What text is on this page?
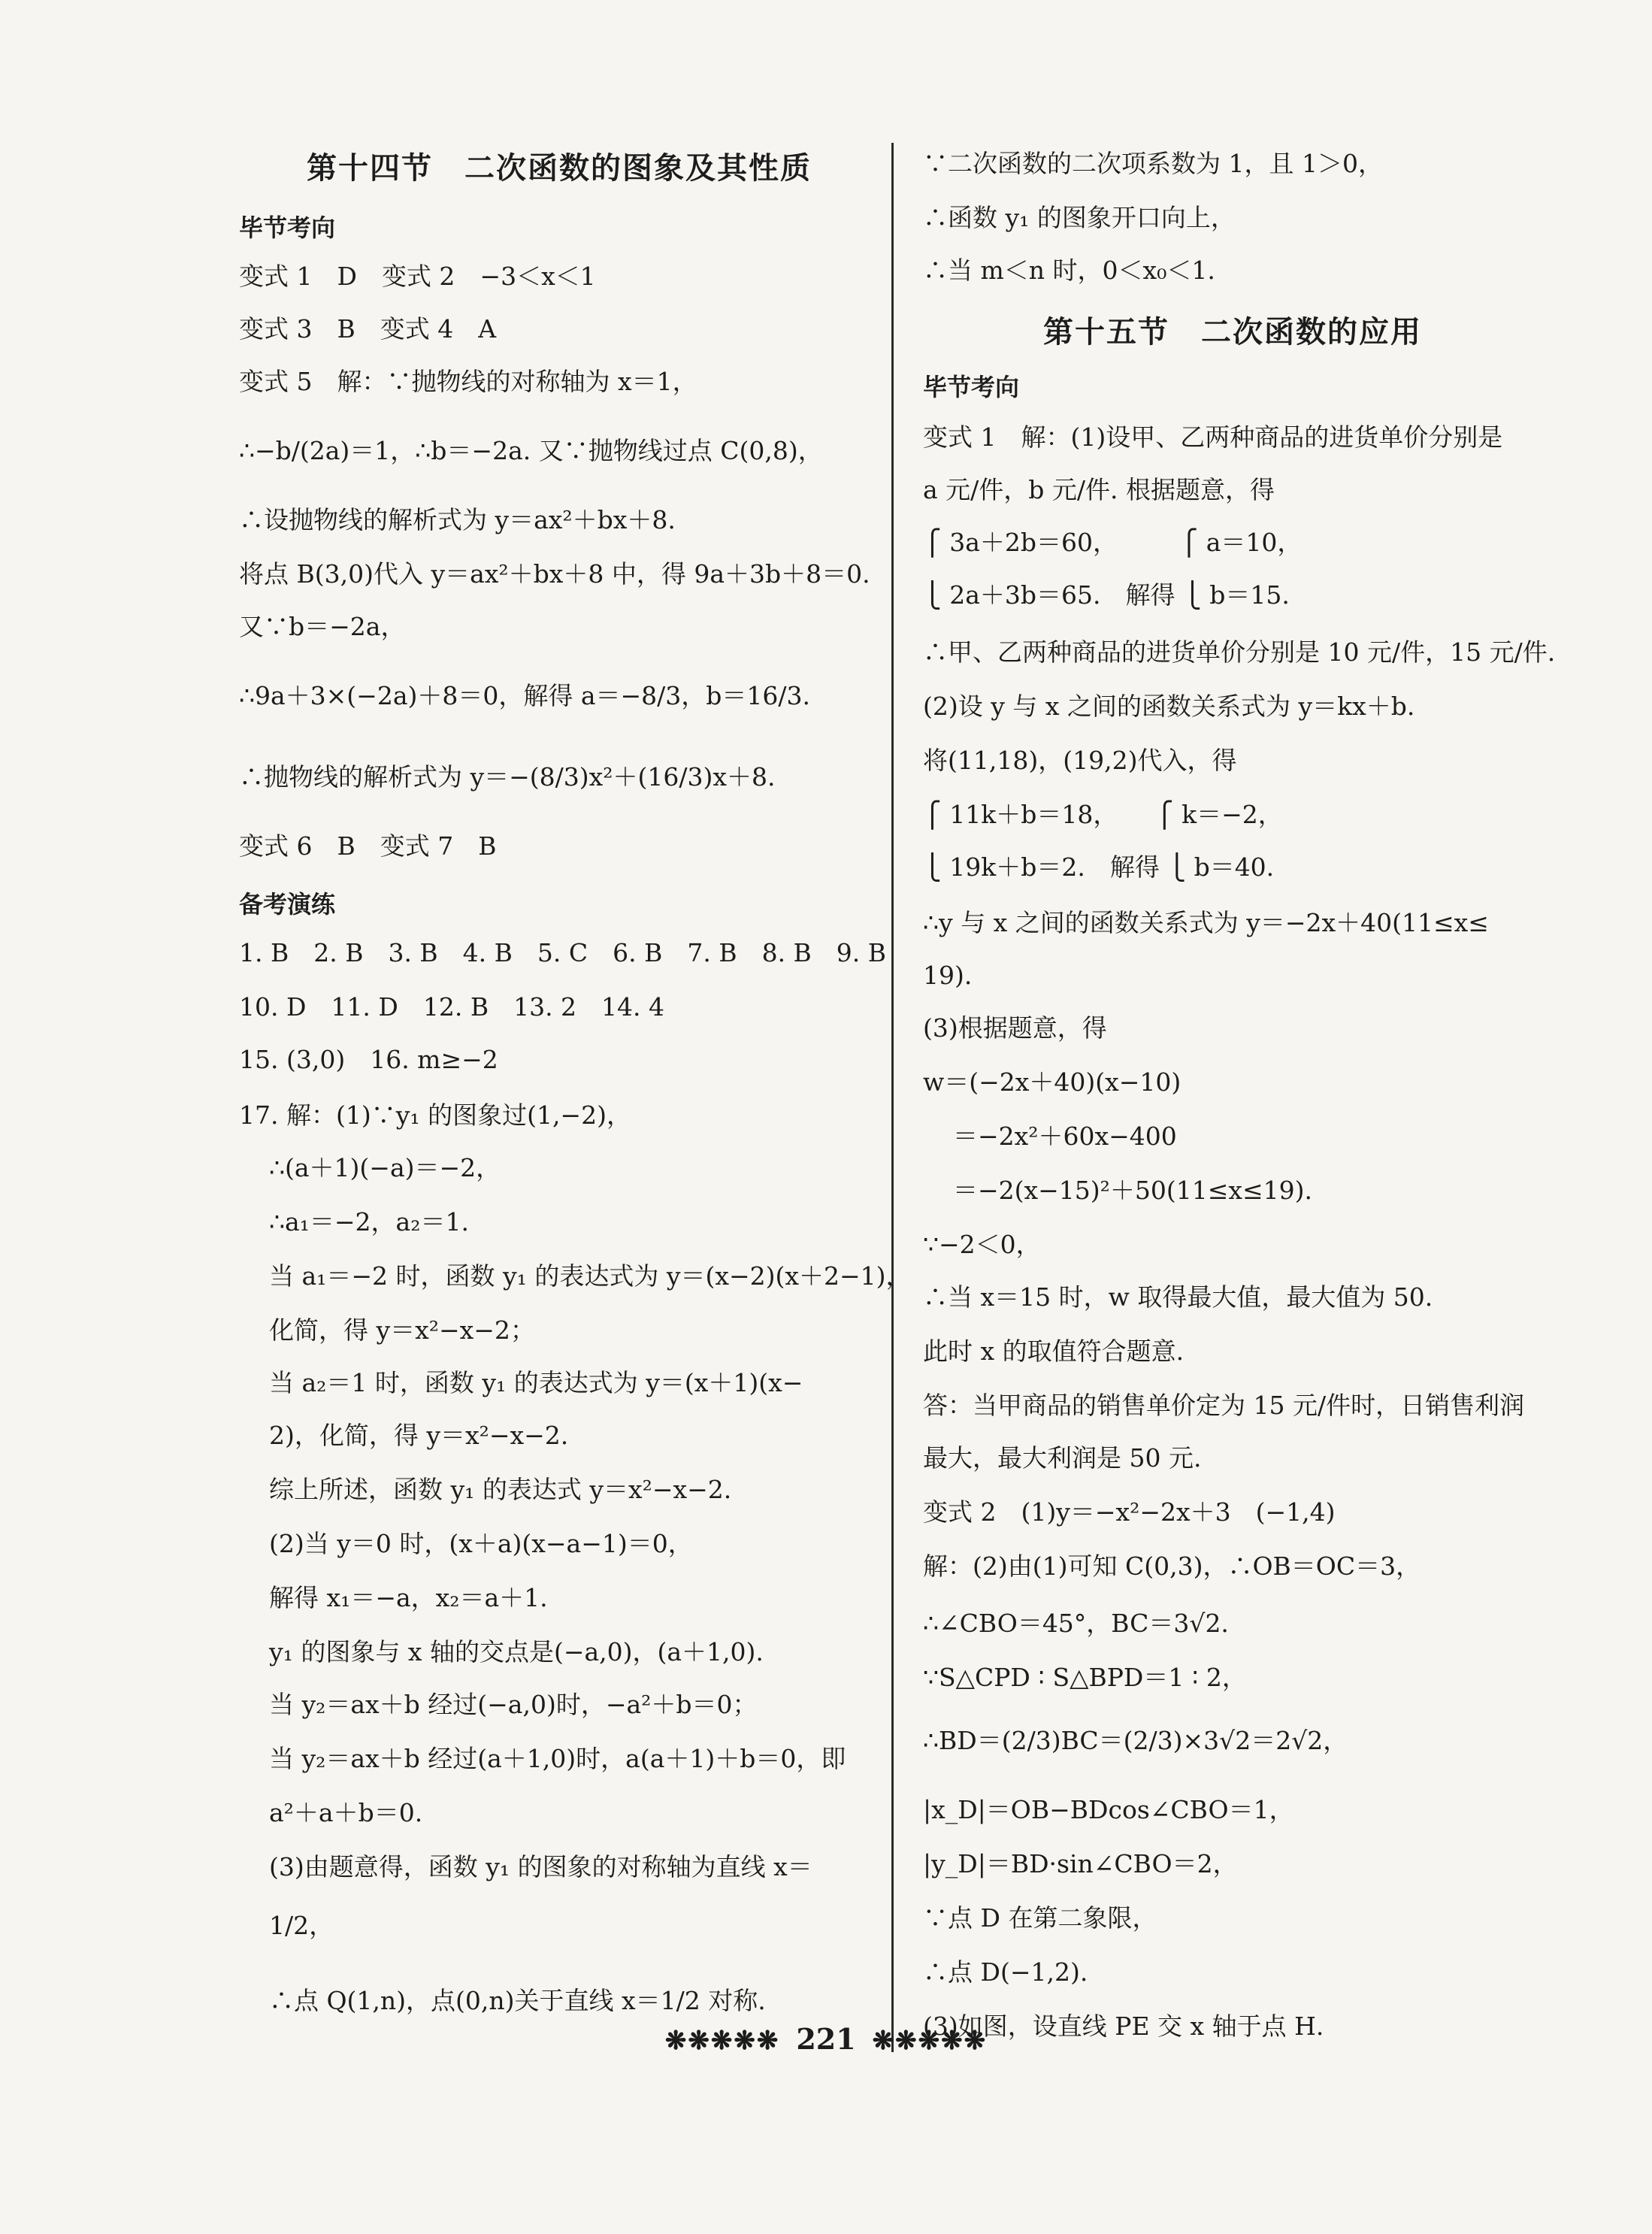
第十四节　二次函数的图象及其性质
毕节考向
变式 1　D　变式 2　−3＜x＜1
变式 3　B　变式 4　A
变式 5　解：∵抛物线的对称轴为 x＝1，
∴−b/(2a)＝1，∴b＝−2a. 又∵抛物线过点 C(0,8)，
∴设抛物线的解析式为 y＝ax²＋bx＋8.
将点 B(3,0)代入 y＝ax²＋bx＋8 中，得 9a＋3b＋8＝0.
又∵b＝−2a，
∴9a＋3×(−2a)＋8＝0，解得 a＝−8/3，b＝16/3.
∴抛物线的解析式为 y＝−(8/3)x²＋(16/3)x＋8.
变式 6　B　变式 7　B
备考演练
1. B　2. B　3. B　4. B　5. C　6. B　7. B　8. B　9. B
10. D　11. D　12. B　13. 2　14. 4
15. (3,0)　16. m≥−2
17. 解：(1)∵y₁ 的图象过(1,−2)，
∴(a＋1)(−a)＝−2，
∴a₁＝−2，a₂＝1.
当 a₁＝−2 时，函数 y₁ 的表达式为 y＝(x−2)(x＋2−1)，
化简，得 y＝x²−x−2；
当 a₂＝1 时，函数 y₁ 的表达式为 y＝(x＋1)(x−
2)，化简，得 y＝x²−x−2.
综上所述，函数 y₁ 的表达式 y＝x²−x−2.
(2)当 y＝0 时，(x＋a)(x−a−1)＝0，
解得 x₁＝−a，x₂＝a＋1.
y₁ 的图象与 x 轴的交点是(−a,0)，(a＋1,0).
当 y₂＝ax＋b 经过(−a,0)时，−a²＋b＝0；
当 y₂＝ax＋b 经过(a＋1,0)时，a(a＋1)＋b＝0，即
a²＋a＋b＝0.
(3)由题意得，函数 y₁ 的图象的对称轴为直线 x＝
1/2，
∴点 Q(1,n)，点(0,n)关于直线 x＝1/2 对称.
∵二次函数的二次项系数为 1，且 1＞0，
∴函数 y₁ 的图象开口向上，
∴当 m＜n 时，0＜x₀＜1.
第十五节　二次函数的应用
毕节考向
变式 1　解：(1)设甲、乙两种商品的进货单价分别是
a 元/件，b 元/件. 根据题意，得
⎧ 3a＋2b＝60，　　　⎧ a＝10，
⎩ 2a＋3b＝65.　解得 ⎩ b＝15.
∴甲、乙两种商品的进货单价分别是 10 元/件，15 元/件.
(2)设 y 与 x 之间的函数关系式为 y＝kx＋b.
将(11,18)，(19,2)代入，得
⎧ 11k＋b＝18，　　⎧ k＝−2，
⎩ 19k＋b＝2.　解得 ⎩ b＝40.
∴y 与 x 之间的函数关系式为 y＝−2x＋40(11≤x≤
19).
(3)根据题意，得
w＝(−2x＋40)(x−10)
＝−2x²＋60x−400
＝−2(x−15)²＋50(11≤x≤19).
∵−2＜0，
∴当 x＝15 时，w 取得最大值，最大值为 50.
此时 x 的取值符合题意.
答：当甲商品的销售单价定为 15 元/件时，日销售利润
最大，最大利润是 50 元.
变式 2　(1)y＝−x²−2x＋3　(−1,4)
解：(2)由(1)可知 C(0,3)，∴OB＝OC＝3，
∴∠CBO＝45°，BC＝3√2.
∵S△CPD ∶ S△BPD＝1 ∶ 2，
∴BD＝(2/3)BC＝(2/3)×3√2＝2√2，
|x_D|＝OB−BDcos∠CBO＝1，
|y_D|＝BD·sin∠CBO＝2，
∵点 D 在第二象限，
∴点 D(−1,2).
(3)如图，设直线 PE 交 x 轴于点 H.
❋❋❋❋❋ 221 ❋❋❋❋❋
